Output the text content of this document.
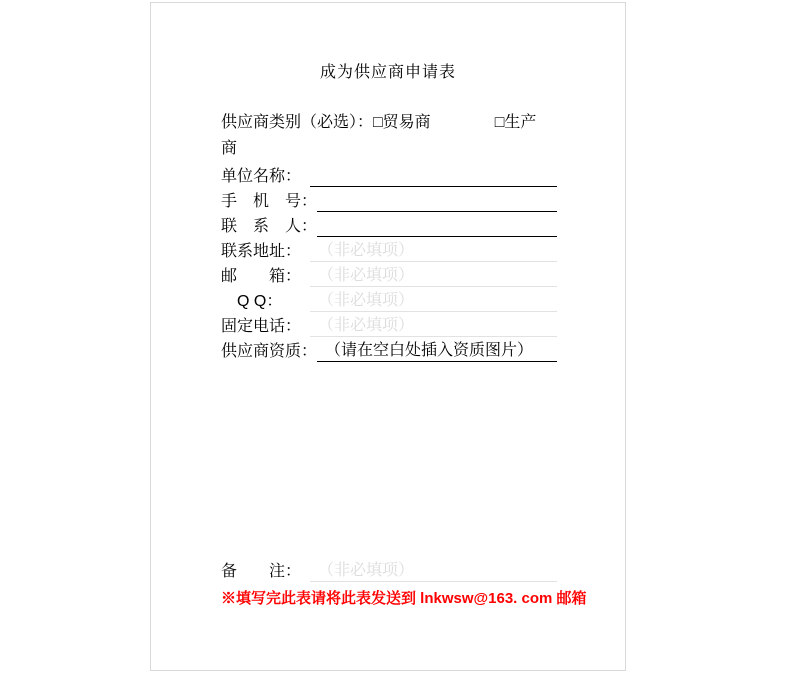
成为供应商申请表
供应商类别（必选）：□贸易商　　　　	□生产
商
单位名称：
手　机　号：
联　系　人：
联系地址：	（非必填项）
邮　　箱：	（非必填项）
　Q Q：	（非必填项）
固定电话：	（非必填项）
供应商资质： （请在空白处插入资质图片）
备　　注：	（非必填项）
※填写完此表请将此表发送到 lnkwsw@163. com 邮箱
